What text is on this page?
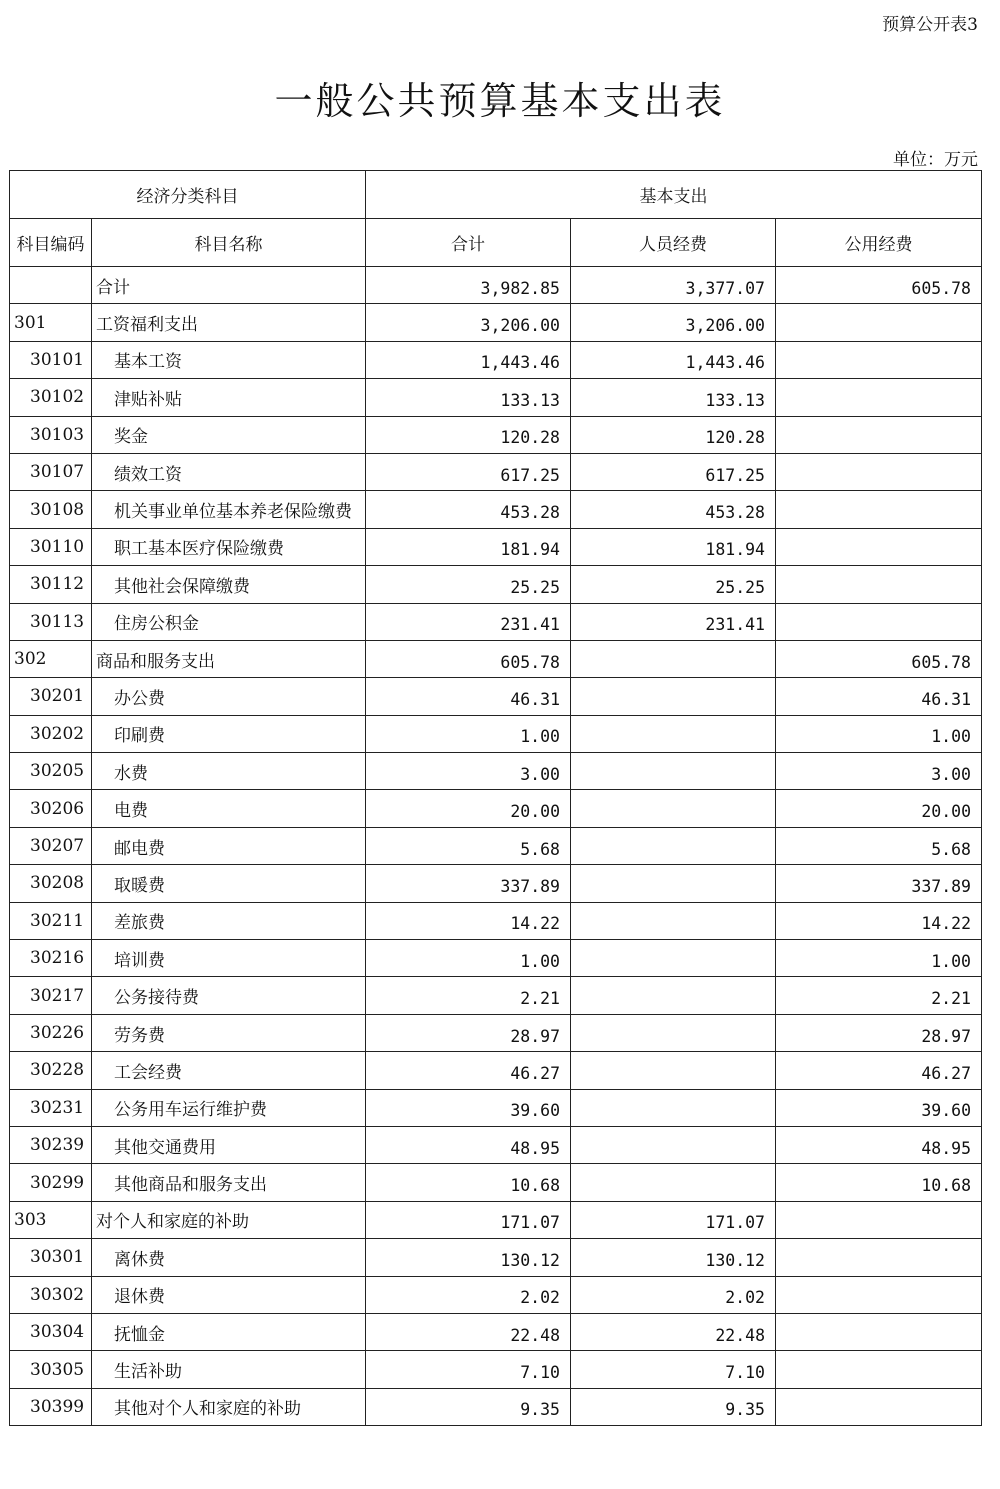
预算公开表3
一般公共预算基本支出表
单位：万元
经济分类科目		基本支出		
科目编码	科目名称	合计	人员经费	公用经费
	合计	3,982.85	3,377.07	605.78
301	工资福利支出	3,206.00	3,206.00	
30101	基本工资	1,443.46	1,443.46	
30102	津贴补贴	133.13	133.13	
30103	奖金	120.28	120.28	
30107	绩效工资	617.25	617.25	
30108	机关事业单位基本养老保险缴费	453.28	453.28	
30110	职工基本医疗保险缴费	181.94	181.94	
30112	其他社会保障缴费	25.25	25.25	
30113	住房公积金	231.41	231.41	
302	商品和服务支出	605.78		605.78
30201	办公费	46.31		46.31
30202	印刷费	1.00		1.00
30205	水费	3.00		3.00
30206	电费	20.00		20.00
30207	邮电费	5.68		5.68
30208	取暖费	337.89		337.89
30211	差旅费	14.22		14.22
30216	培训费	1.00		1.00
30217	公务接待费	2.21		2.21
30226	劳务费	28.97		28.97
30228	工会经费	46.27		46.27
30231	公务用车运行维护费	39.60		39.60
30239	其他交通费用	48.95		48.95
30299	其他商品和服务支出	10.68		10.68
303	对个人和家庭的补助	171.07	171.07	
30301	离休费	130.12	130.12	
30302	退休费	2.02	2.02	
30304	抚恤金	22.48	22.48	
30305	生活补助	7.10	7.10	
30399	其他对个人和家庭的补助	9.35	9.35	
